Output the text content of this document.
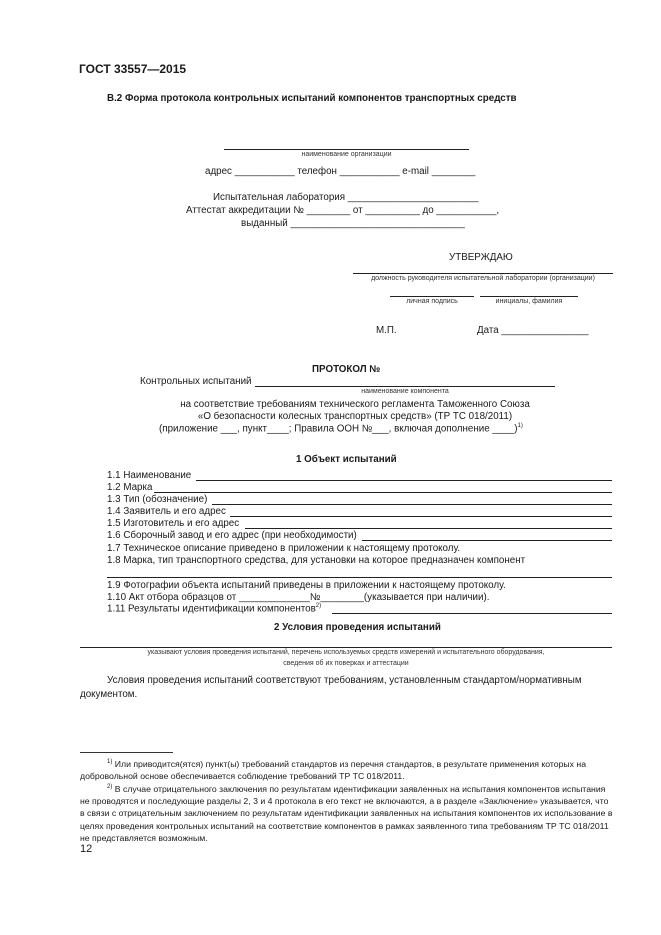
ГОСТ 33557—2015
В.2 Форма протокола контрольных испытаний компонентов транспортных средств
наименование организации
адрес ___________ телефон ___________ e-mail ________
Испытательная лаборатория ________________________
Аттестат аккредитации № ________ от __________ до ___________,
выданный ________________________________
УТВЕРЖДАЮ
должность руководителя испытательной лаборатории (организации)
личная подпись	инициалы, фамилия
М.П.	Дата ________________
ПРОТОКОЛ №
Контрольных испытаний
наименование компонента
на соответствие требованиям технического регламента Таможенного Союза
«О безопасности колесных транспортных средств» (ТР ТС 018/2011)
(приложение ___, пункт____; Правила ООН №___, включая дополнение ____)$^{1)}$
1 Объект испытаний
1.1 Наименование
1.2 Марка
1.3 Тип (обозначение)
1.4 Заявитель и его адрес
1.5 Изготовитель и его адрес
1.6 Сборочный завод и его адрес (при необходимости)
1.7 Техническое описание приведено в приложении к настоящему протоколу.
1.8 Марка, тип транспортного средства, для установки на которое предназначен компонент
1.9 Фотографии объекта испытаний приведены в приложении к настоящему протоколу.
1.10 Акт отбора образцов от _____________№________(указывается при наличии).
1.11 Результаты идентификации компонентов$^{2)}$
2 Условия проведения испытаний
указывают условия проведения испытаний, перечень используемых средств измерений и испытательного оборудования,
сведения об их поверках и аттестации
Условия проведения испытаний соответствуют требованиям, установленным стандартом/нормативным документом.
$^{1)}$ Или приводится(ятся) пункт(ы) требований стандартов из перечня стандартов, в результате применения которых на добровольной основе обеспечивается соблюдение требований ТР ТС 018/2011.
$^{2)}$ В случае отрицательного заключения по результатам идентификации заявленных на испытания компонентов испытания не проводятся и последующие разделы 2, 3 и 4 протокола в его текст не включаются, а в разделе «Заключение» указывается, что в связи с отрицательным заключением по результатам идентификации заявленных на испытания компонентов их использование в целях проведения контрольных испытаний на соответствие компонентов в рамках заявленного типа требованиям ТР ТС 018/2011 не представляется возможным.
12
